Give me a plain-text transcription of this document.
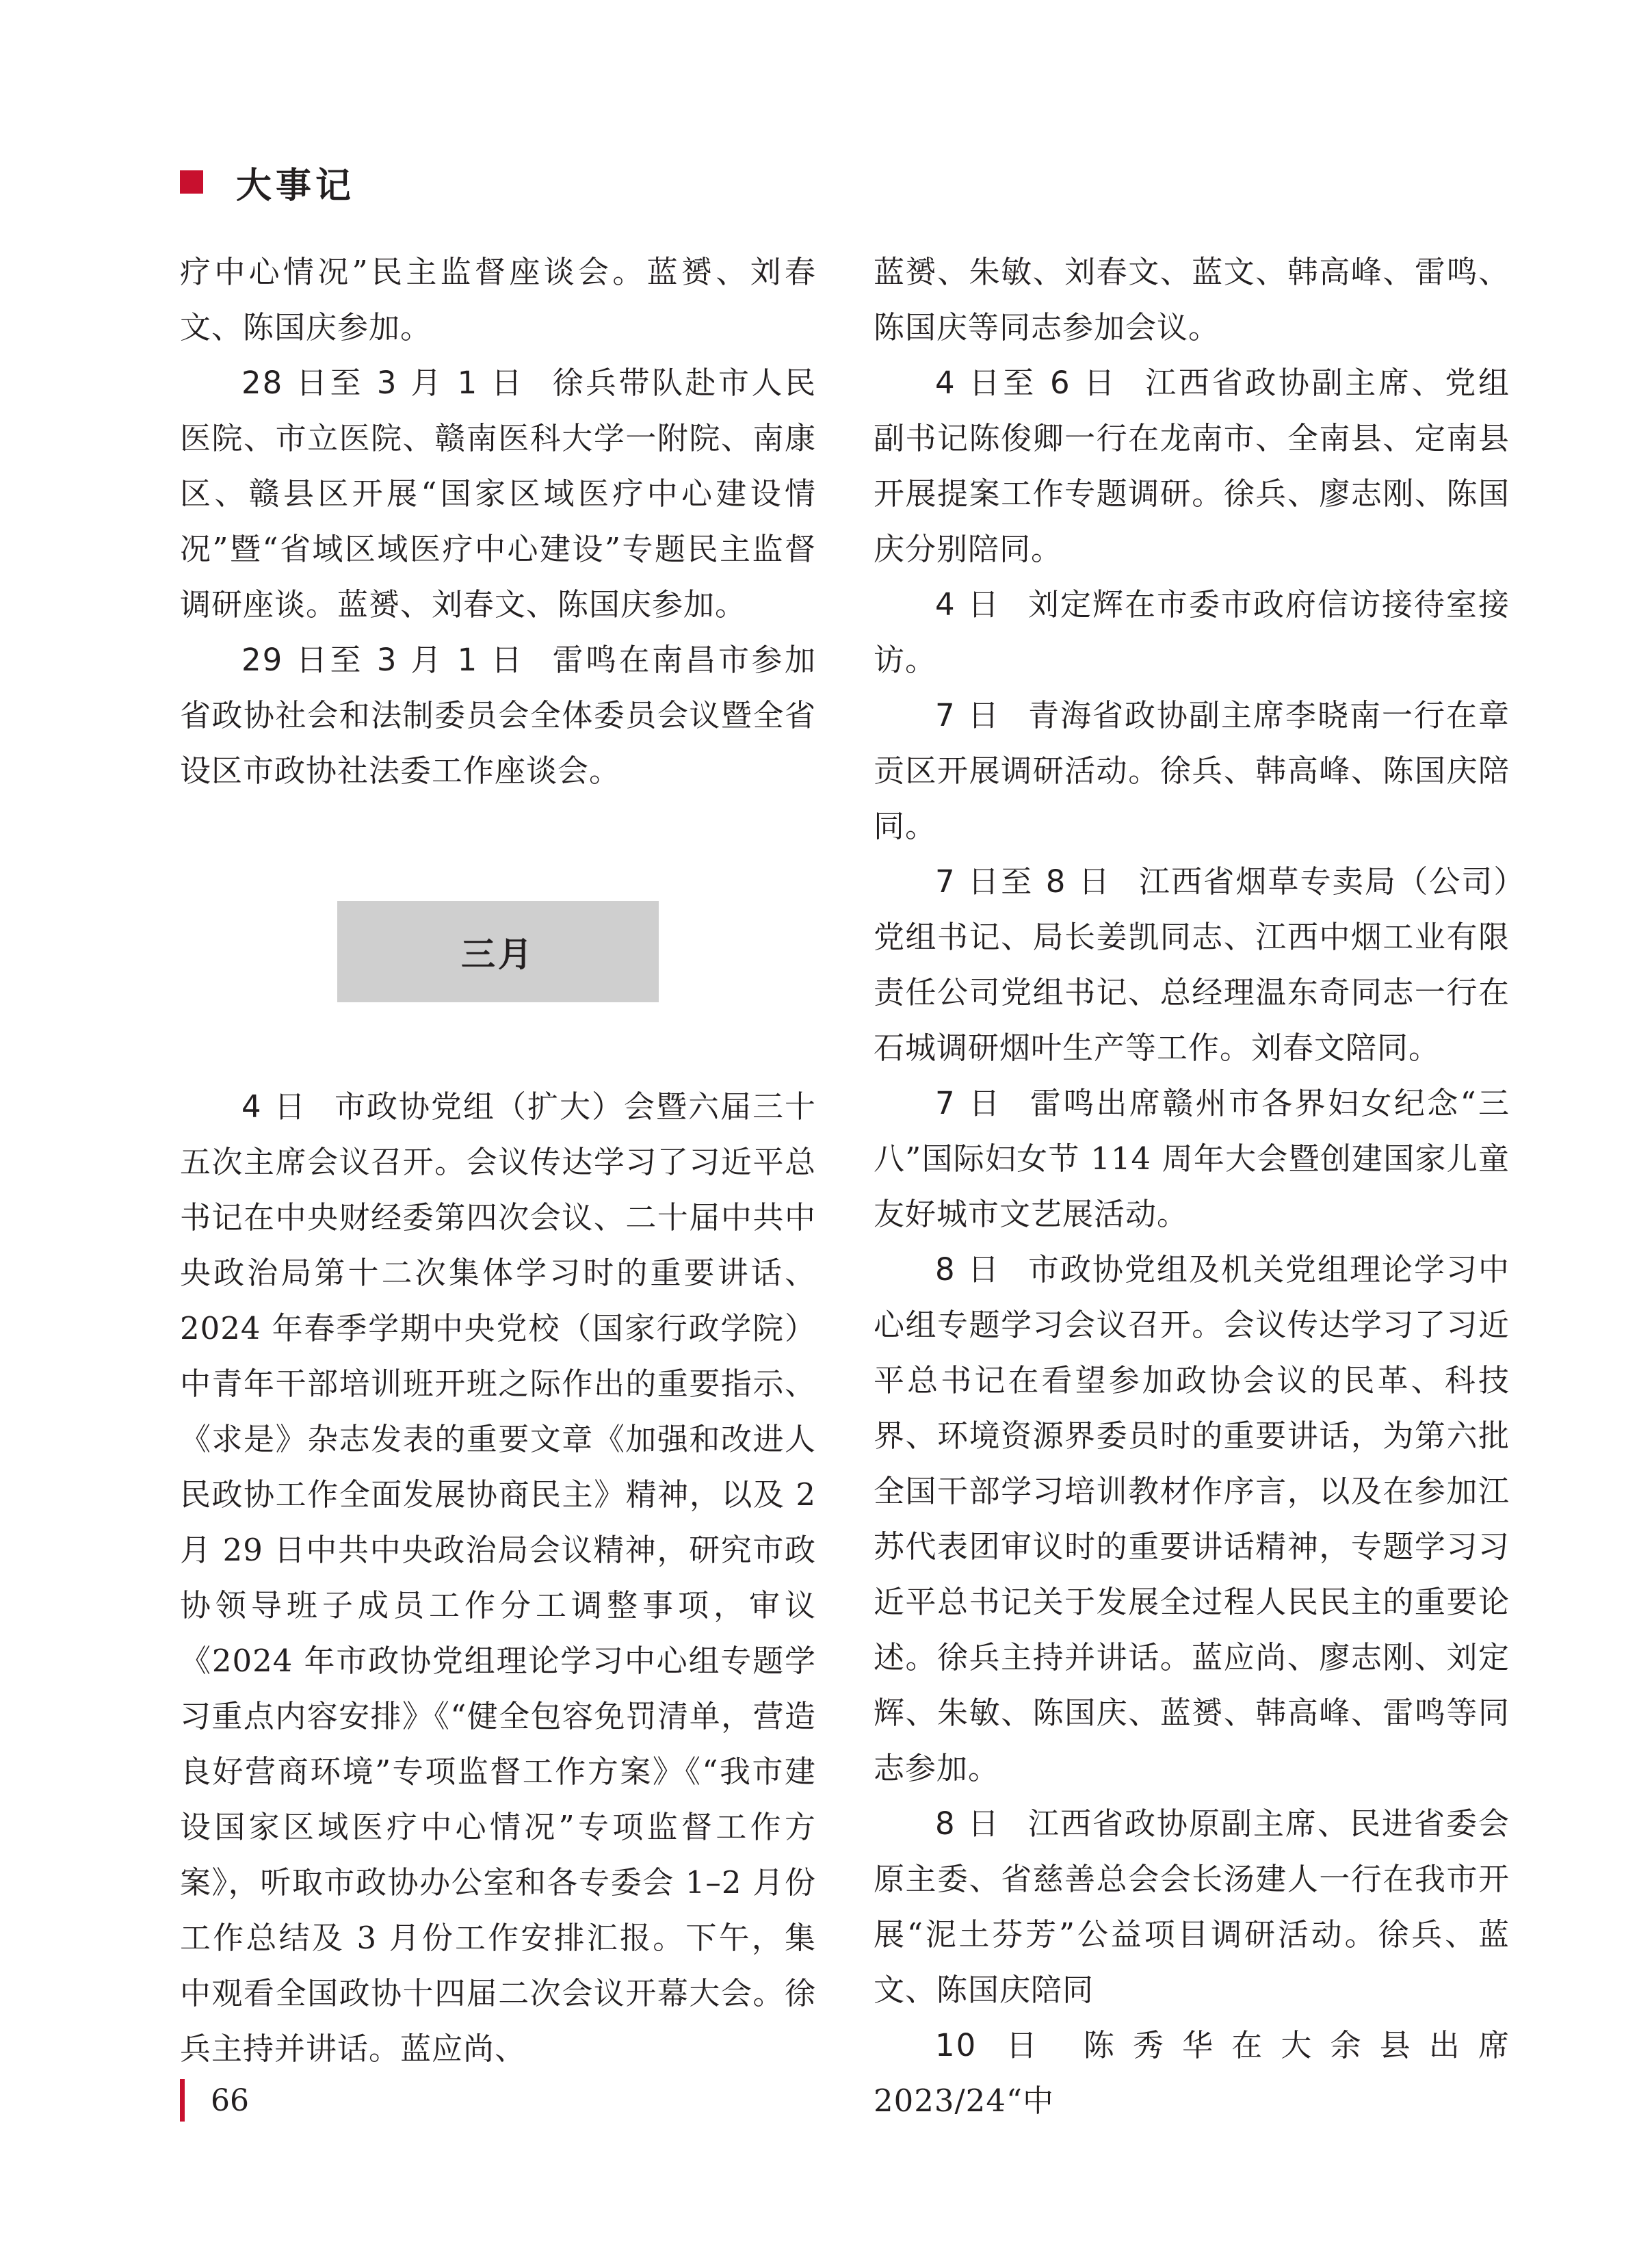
大事记

疗中心情况”民主监督座谈会。蓝赟、刘春文、陈国庆参加。

28 日至 3 月 1 日 徐兵带队赴市人民医院、市立医院、赣南医科大学一附院、南康区、赣县区开展“国家区域医疗中心建设情况”暨“省域区域医疗中心建设”专题民主监督调研座谈。蓝赟、刘春文、陈国庆参加。

29 日至 3 月 1 日 雷鸣在南昌市参加省政协社会和法制委员会全体委员会议暨全省设区市政协社法委工作座谈会。

三月

4 日 市政协党组（扩大）会暨六届三十五次主席会议召开。会议传达学习了习近平总书记在中央财经委第四次会议、二十届中共中央政治局第十二次集体学习时的重要讲话、2024 年春季学期中央党校（国家行政学院）中青年干部培训班开班之际作出的重要指示、《求是》杂志发表的重要文章《加强和改进人民政协工作全面发展协商民主》精神，以及 2 月 29 日中共中央政治局会议精神，研究市政协领导班子成员工作分工调整事项，审议《2024 年市政协党组理论学习中心组专题学习重点内容安排》《“健全包容免罚清单，营造良好营商环境”专项监督工作方案》《“我市建设国家区域医疗中心情况”专项监督工作方案》，听取市政协办公室和各专委会 1–2 月份工作总结及 3 月份工作安排汇报。下午，集中观看全国政协十四届二次会议开幕大会。徐兵主持并讲话。蓝应尚、

蓝赟、朱敏、刘春文、蓝文、韩高峰、雷鸣、陈国庆等同志参加会议。

4 日至 6 日 江西省政协副主席、党组副书记陈俊卿一行在龙南市、全南县、定南县开展提案工作专题调研。徐兵、廖志刚、陈国庆分别陪同。

4 日 刘定辉在市委市政府信访接待室接访。

7 日 青海省政协副主席李晓南一行在章贡区开展调研活动。徐兵、韩高峰、陈国庆陪同。

7 日至 8 日 江西省烟草专卖局（公司）党组书记、局长姜凯同志、江西中烟工业有限责任公司党组书记、总经理温东奇同志一行在石城调研烟叶生产等工作。刘春文陪同。

7 日 雷鸣出席赣州市各界妇女纪念“三八”国际妇女节 114 周年大会暨创建国家儿童友好城市文艺展活动。

8 日 市政协党组及机关党组理论学习中心组专题学习会议召开。会议传达学习了习近平总书记在看望参加政协会议的民革、科技界、环境资源界委员时的重要讲话，为第六批全国干部学习培训教材作序言，以及在参加江苏代表团审议时的重要讲话精神，专题学习习近平总书记关于发展全过程人民民主的重要论述。徐兵主持并讲话。蓝应尚、廖志刚、刘定辉、朱敏、陈国庆、蓝赟、韩高峰、雷鸣等同志参加。

8 日 江西省政协原副主席、民进省委会原主委、省慈善总会会长汤建人一行在我市开展“泥土芬芳”公益项目调研活动。徐兵、蓝文、陈国庆陪同

10 日 陈秀华在大余县出席 2023/24“中

66
